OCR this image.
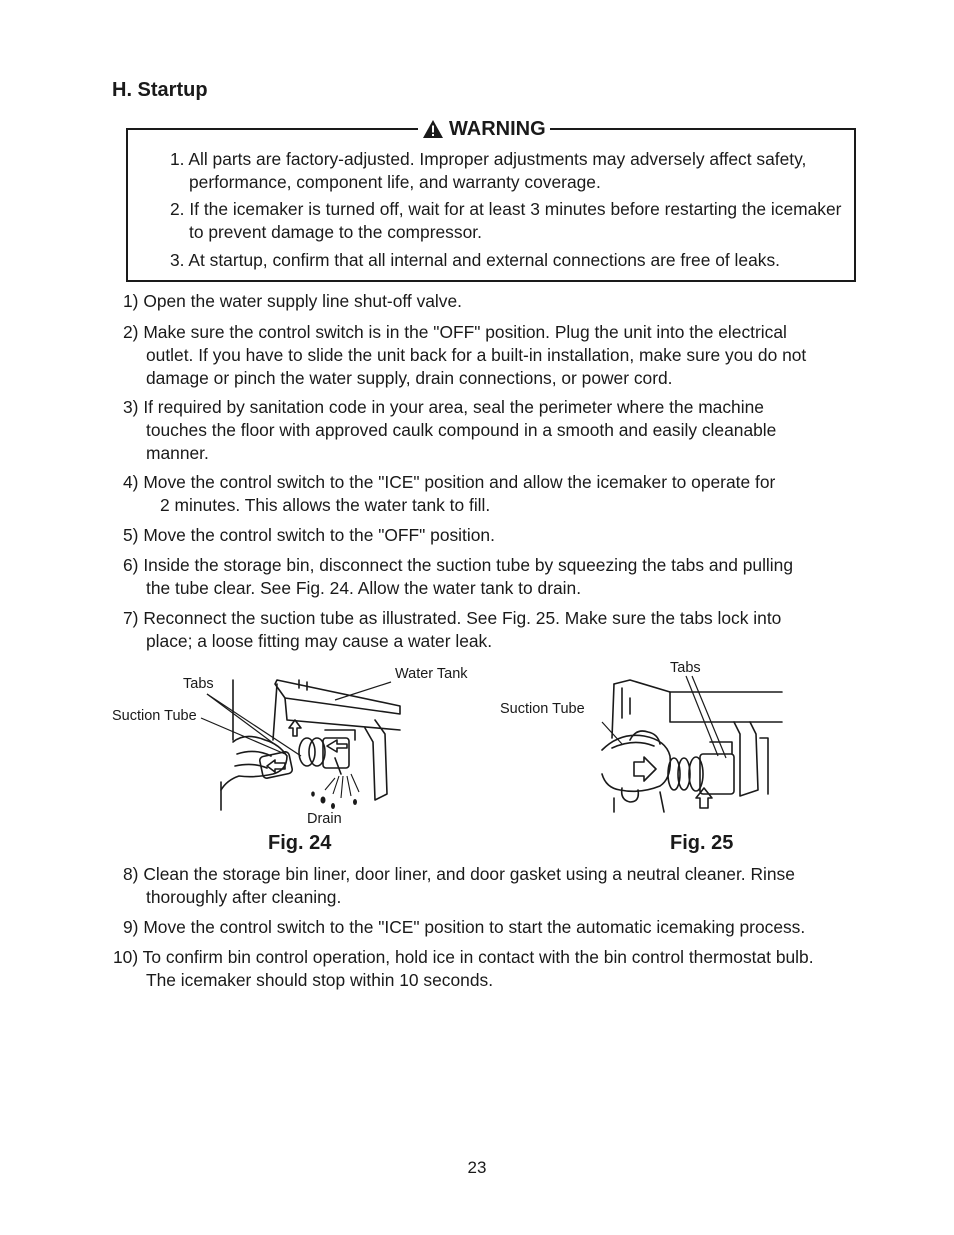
H. Startup
WARNING

1. All parts are factory-adjusted. Improper adjustments may adversely affect safety, performance, component life, and warranty coverage.

2. If the icemaker is turned off, wait for at least 3 minutes before restarting the icemaker to prevent damage to the compressor.

3. At startup, confirm that all internal and external connections are free of leaks.

1) Open the water supply line shut-off valve.

2) Make sure the control switch is in the "OFF" position. Plug the unit into the electrical
outlet. If you have to slide the unit back for a built-in installation, make sure you do not damage or pinch the water supply, drain connections, or power cord.

3) If required by sanitation code in your area, seal the perimeter where the machine
touches the floor with approved caulk compound in a smooth and easily cleanable manner.

4) Move the control switch to the "ICE" position and allow the icemaker to operate for
2 minutes. This allows the water tank to fill.

5) Move the control switch to the "OFF" position.

6) Inside the storage bin, disconnect the suction tube by squeezing the tabs and pulling
the tube clear. See Fig. 24. Allow the water tank to drain.

7) Reconnect the suction tube as illustrated. See Fig. 25. Make sure the tabs lock into
place; a loose fitting may cause a water leak.

Tabs
Water Tank
Suction Tube
Drain
Fig. 24
Tabs
Suction Tube
Fig. 25

8) Clean the storage bin liner, door liner, and door gasket using a neutral cleaner. Rinse
thoroughly after cleaning.

9) Move the control switch to the "ICE" position to start the automatic icemaking process.

10) To confirm bin control operation, hold ice in contact with the bin control thermostat bulb.
The icemaker should stop within 10 seconds.

23
